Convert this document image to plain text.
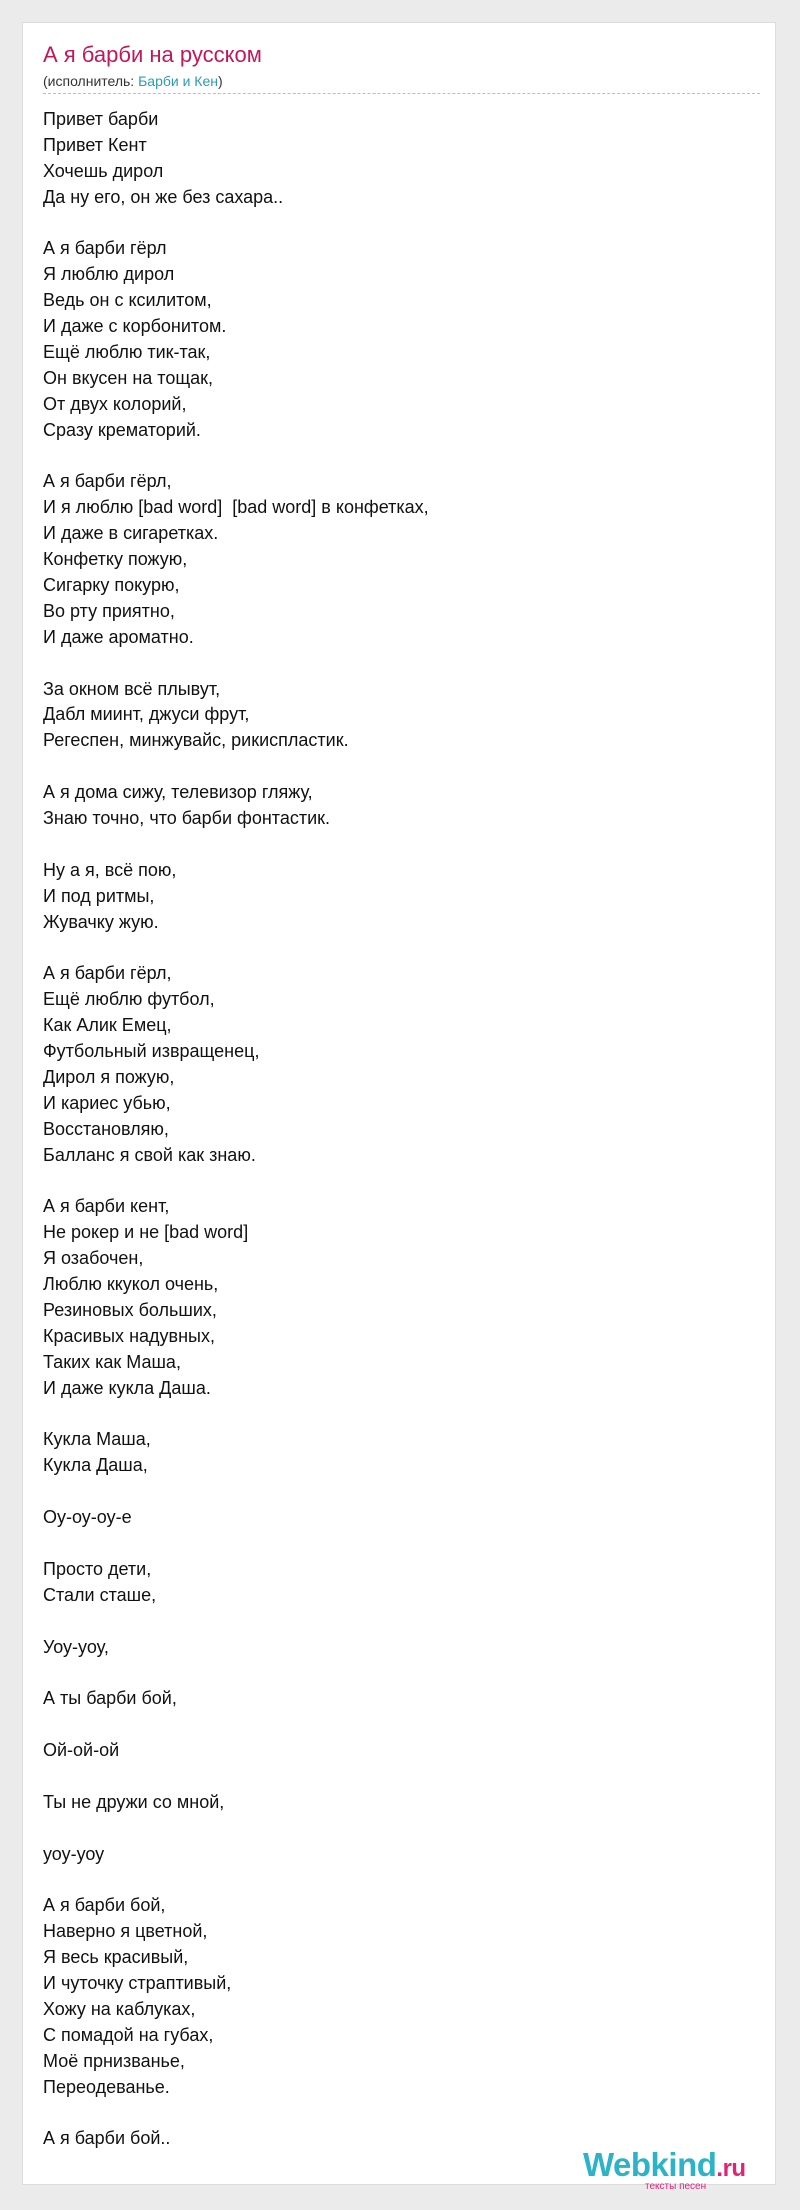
А я барби на русском
(исполнитель: Барби и Кен)
Привет барби
Привет Кент
Хочешь дирол
Да ну его, он же без сахара..
А я барби гёрл
Я люблю дирол
Ведь он с ксилитом,
И даже с корбонитом.
Ещё люблю тик-так,
Он вкусен на тощак,
От двух колорий,
Сразу крематорий.
А я барби гёрл,
И я люблю [bad word]  [bad word] в конфетках,
И даже в сигаретках.
Конфетку пожую,
Сигарку покурю,
Во рту приятно,
И даже ароматно.
За окном всё плывут,
Дабл миинт, джуси фрут,
Регеспен, минжувайс, рикиспластик.
А я дома сижу, телевизор гляжу,
Знаю точно, что барби фонтастик.
Ну а я, всё пою,
И под ритмы,
Жувачку жую.
А я барби гёрл,
Ещё люблю футбол,
Как Алик Емец,
Футбольный извращенец,
Дирол я пожую,
И кариес убью,
Восстановляю,
Балланс я свой как знаю.
А я барби кент,
Не рокер и не [bad word]
Я озабочен,
Люблю ккукол очень,
Резиновых больших,
Красивых надувных,
Таких как Маша,
И даже кукла Даша.
Кукла Маша,
Кукла Даша,
Оу-оу-оу-е
Просто дети,
Стали сташе,
Уоу-уоу,
А ты барби бой,
Ой-ой-ой
Ты не дружи со мной,
уоу-уоу
А я барби бой,
Наверно я цветной,
Я весь красивый,
И чуточку страптивый,
Хожу на каблуках,
С помадой на губах,
Моё прнизванье,
Переодеванье.
А я барби бой..
Webkind.ru
тексты песен
